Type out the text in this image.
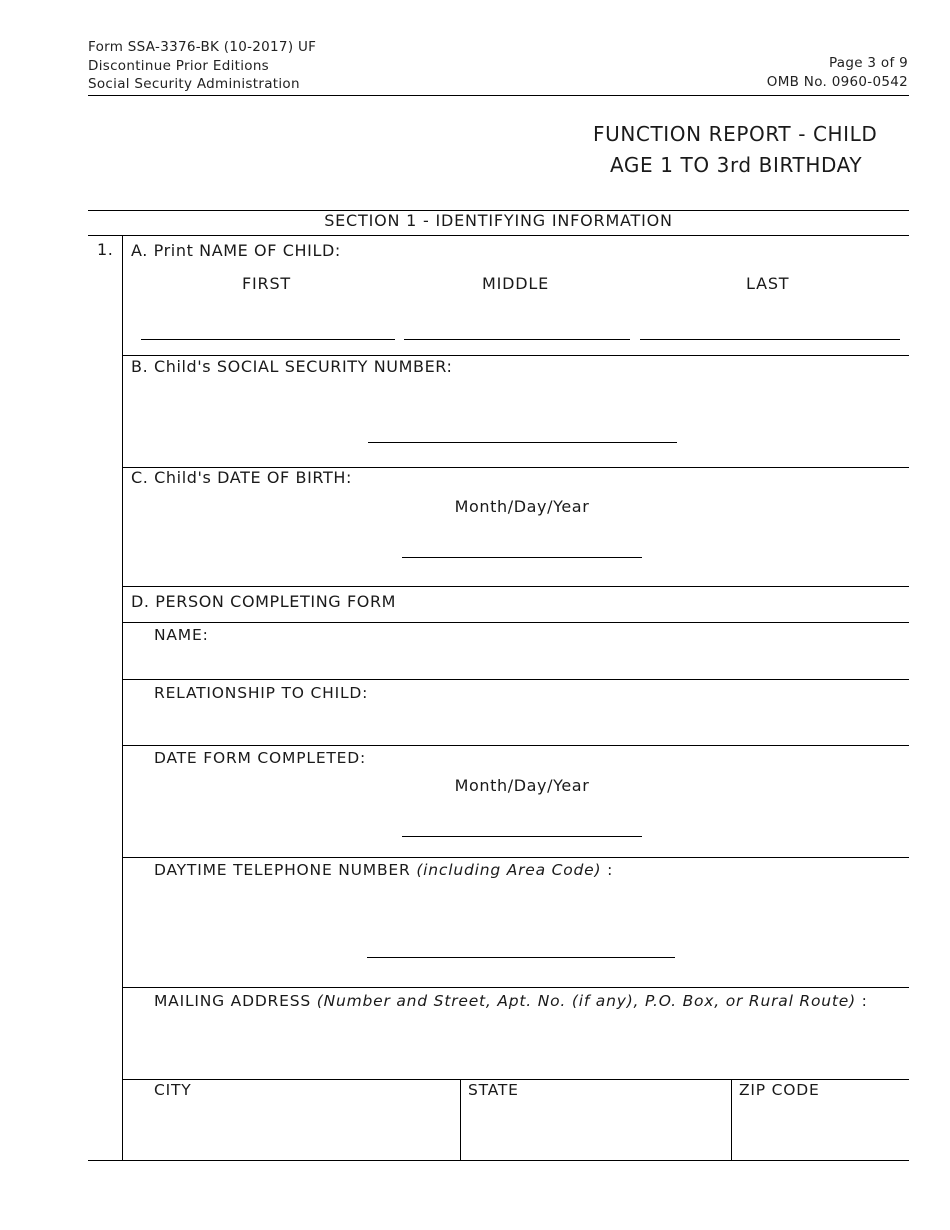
Form SSA-3376-BK (10-2017) UF
Discontinue Prior Editions
Social Security Administration
Page 3 of 9
OMB No. 0960-0542
FUNCTION REPORT - CHILD
AGE 1 TO 3rd BIRTHDAY
SECTION 1 - IDENTIFYING INFORMATION
1. A. Print NAME OF CHILD:
FIRST	MIDDLE	LAST
B. Child's SOCIAL SECURITY NUMBER:
C. Child's DATE OF BIRTH:
Month/Day/Year
D. PERSON COMPLETING FORM
NAME:
RELATIONSHIP TO CHILD:
DATE FORM COMPLETED:
Month/Day/Year
DAYTIME TELEPHONE NUMBER (including Area Code) :
MAILING ADDRESS (Number and Street, Apt. No. (if any), P.O. Box, or Rural Route) :
CITY	STATE	ZIP CODE
